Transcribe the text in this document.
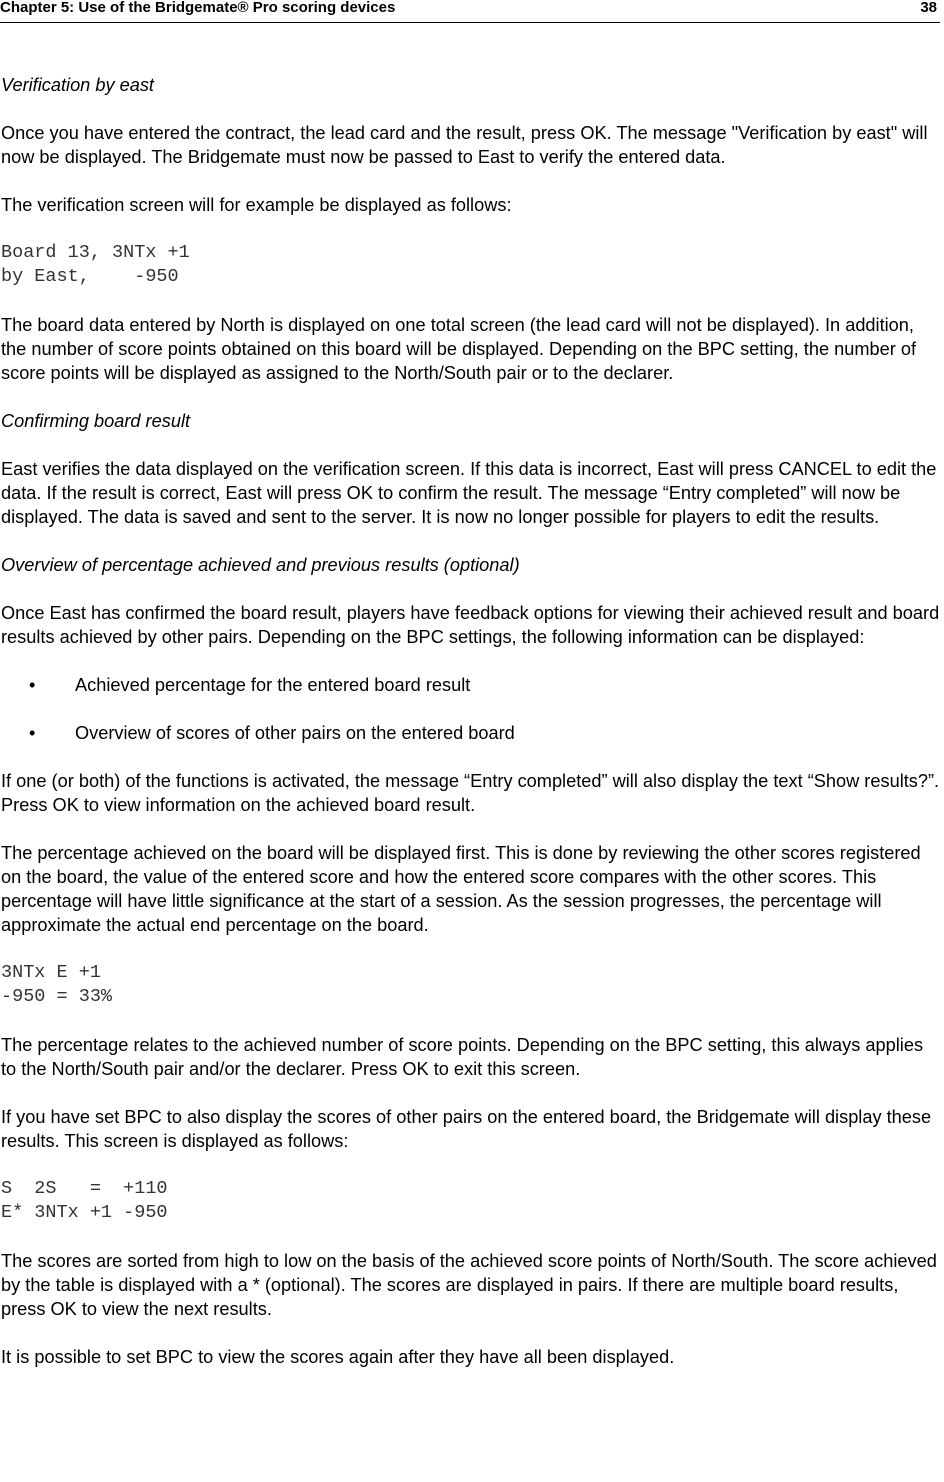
Chapter 5: Use of the Bridgemate® Pro scoring devices	38

Verification by east

Once you have entered the contract, the lead card and the result, press OK. The message "Verification by east" will now be displayed. The Bridgemate must now be passed to East to verify the entered data.

The verification screen will for example be displayed as follows:

Board 13, 3NTx +1
by East,    -950

The board data entered by North is displayed on one total screen (the lead card will not be displayed). In addition, the number of score points obtained on this board will be displayed. Depending on the BPC setting, the number of score points will be displayed as assigned to the North/South pair or to the declarer.

Confirming board result

East verifies the data displayed on the verification screen. If this data is incorrect, East will press CANCEL to edit the data. If the result is correct, East will press OK to confirm the result. The message “Entry completed” will now be displayed. The data is saved and sent to the server. It is now no longer possible for players to edit the results.

Overview of percentage achieved and previous results (optional)

Once East has confirmed the board result, players have feedback options for viewing their achieved result and board results achieved by other pairs. Depending on the BPC settings, the following information can be displayed:

• Achieved percentage for the entered board result
• Overview of scores of other pairs on the entered board

If one (or both) of the functions is activated, the message “Entry completed” will also display the text “Show results?”. Press OK to view information on the achieved board result.

The percentage achieved on the board will be displayed first. This is done by reviewing the other scores registered on the board, the value of the entered score and how the entered score compares with the other scores. This percentage will have little significance at the start of a session. As the session progresses, the percentage will approximate the actual end percentage on the board.

3NTx E +1
-950 = 33%

The percentage relates to the achieved number of score points. Depending on the BPC setting, this always applies to the North/South pair and/or the declarer. Press OK to exit this screen.

If you have set BPC to also display the scores of other pairs on the entered board, the Bridgemate will display these results. This screen is displayed as follows:

S  2S   =  +110
E* 3NTx +1 -950

The scores are sorted from high to low on the basis of the achieved score points of North/South. The score achieved by the table is displayed with a * (optional). The scores are displayed in pairs. If there are multiple board results, press OK to view the next results.

It is possible to set BPC to view the scores again after they have all been displayed.
